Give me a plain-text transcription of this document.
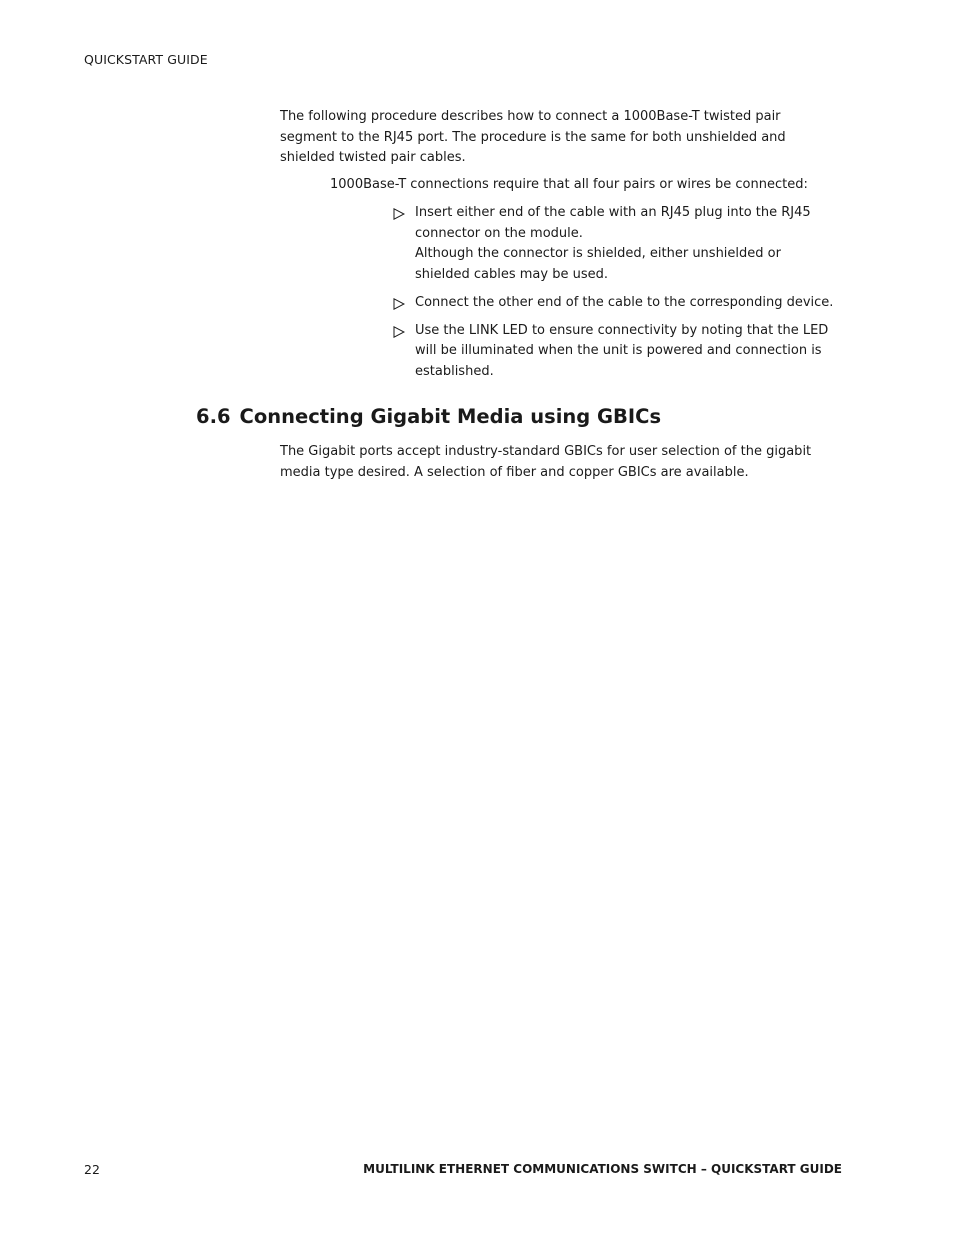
QUICKSTART GUIDE

The following procedure describes how to connect a 1000Base-T twisted pair segment to the RJ45 port. The procedure is the same for both unshielded and shielded twisted pair cables.

1000Base-T connections require that all four pairs or wires be connected:

Insert either end of the cable with an RJ45 plug into the RJ45 connector on the module.
Although the connector is shielded, either unshielded or shielded cables may be used.
Connect the other end of the cable to the corresponding device.
Use the LINK LED to ensure connectivity by noting that the LED will be illuminated when the unit is powered and connection is established.
6.6 Connecting Gigabit Media using GBICs

The Gigabit ports accept industry-standard GBICs for user selection of the gigabit media type desired. A selection of fiber and copper GBICs are available.

22	MULTILINK ETHERNET COMMUNICATIONS SWITCH – QUICKSTART GUIDE
